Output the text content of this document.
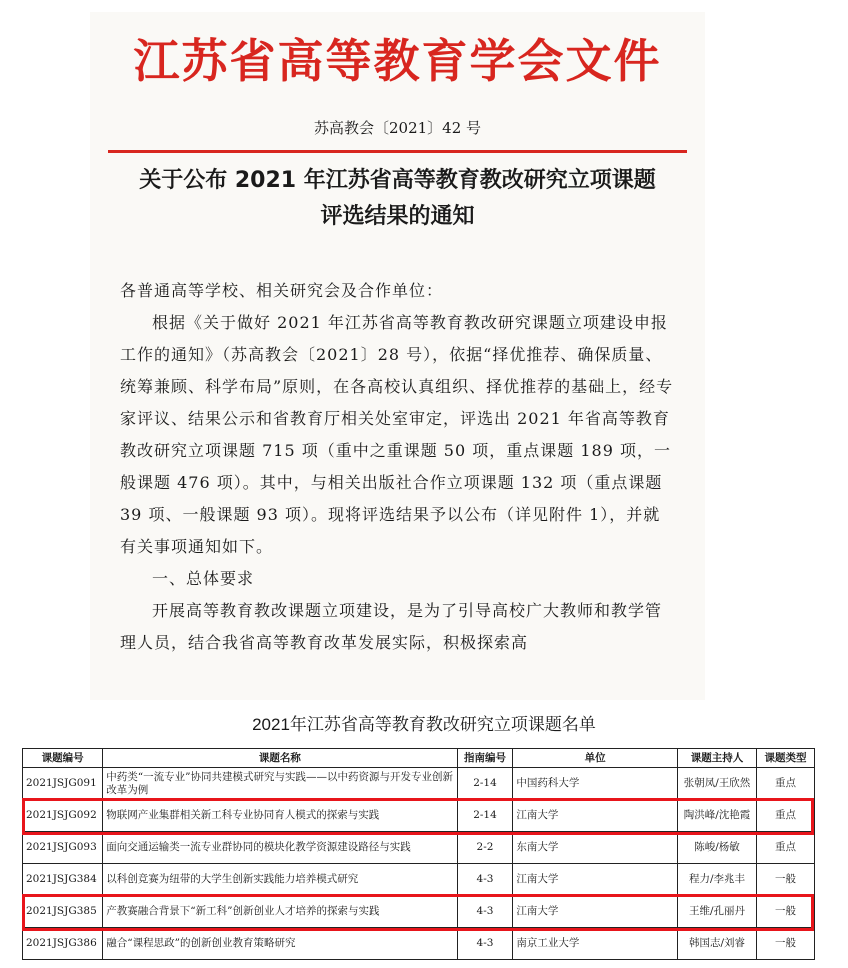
江苏省高等教育学会文件
苏高教会〔2021〕42 号
关于公布 2021 年江苏省高等教育教改研究立项课题
评选结果的通知

各普通高等学校、相关研究会及合作单位：

根据《关于做好 2021 年江苏省高等教育教改研究课题立项建设申报工作的通知》（苏高教会〔2021〕28 号），依据“择优推荐、确保质量、统筹兼顾、科学布局”原则，在各高校认真组织、择优推荐的基础上，经专家评议、结果公示和省教育厅相关处室审定，评选出 2021 年省高等教育教改研究立项课题 715 项（重中之重课题 50 项，重点课题 189 项，一般课题 476 项）。其中，与相关出版社合作立项课题 132 项（重点课题 39 项、一般课题 93 项）。现将评选结果予以公布（详见附件 1），并就有关事项通知如下。

一、总体要求

开展高等教育教改课题立项建设，是为了引导高校广大教师和教学管理人员，结合我省高等教育改革发展实际，积极探索高

2021年江苏省高等教育教改研究立项课题名单
课题编号	课题名称	指南编号	单位	课题主持人	课题类型
2021JSJG091	中药类“一流专业”协同共建模式研究与实践——以中药资源与开发专业创新改革为例	2-14	中国药科大学	张朝凤/王欣然	重点
2021JSJG092	物联网产业集群相关新工科专业协同育人模式的探索与实践	2-14	江南大学	陶洪峰/沈艳霞	重点
2021JSJG093	面向交通运输类一流专业群协同的模块化教学资源建设路径与实践	2-2	东南大学	陈峻/杨敏	重点
2021JSJG384	以科创竞赛为纽带的大学生创新实践能力培养模式研究	4-3	江南大学	程力/李兆丰	一般
2021JSJG385	产教赛融合背景下“新工科”创新创业人才培养的探索与实践	4-3	江南大学	王维/孔丽丹	一般
2021JSJG386	融合“课程思政”的创新创业教育策略研究	4-3	南京工业大学	韩国志/刘睿	一般
